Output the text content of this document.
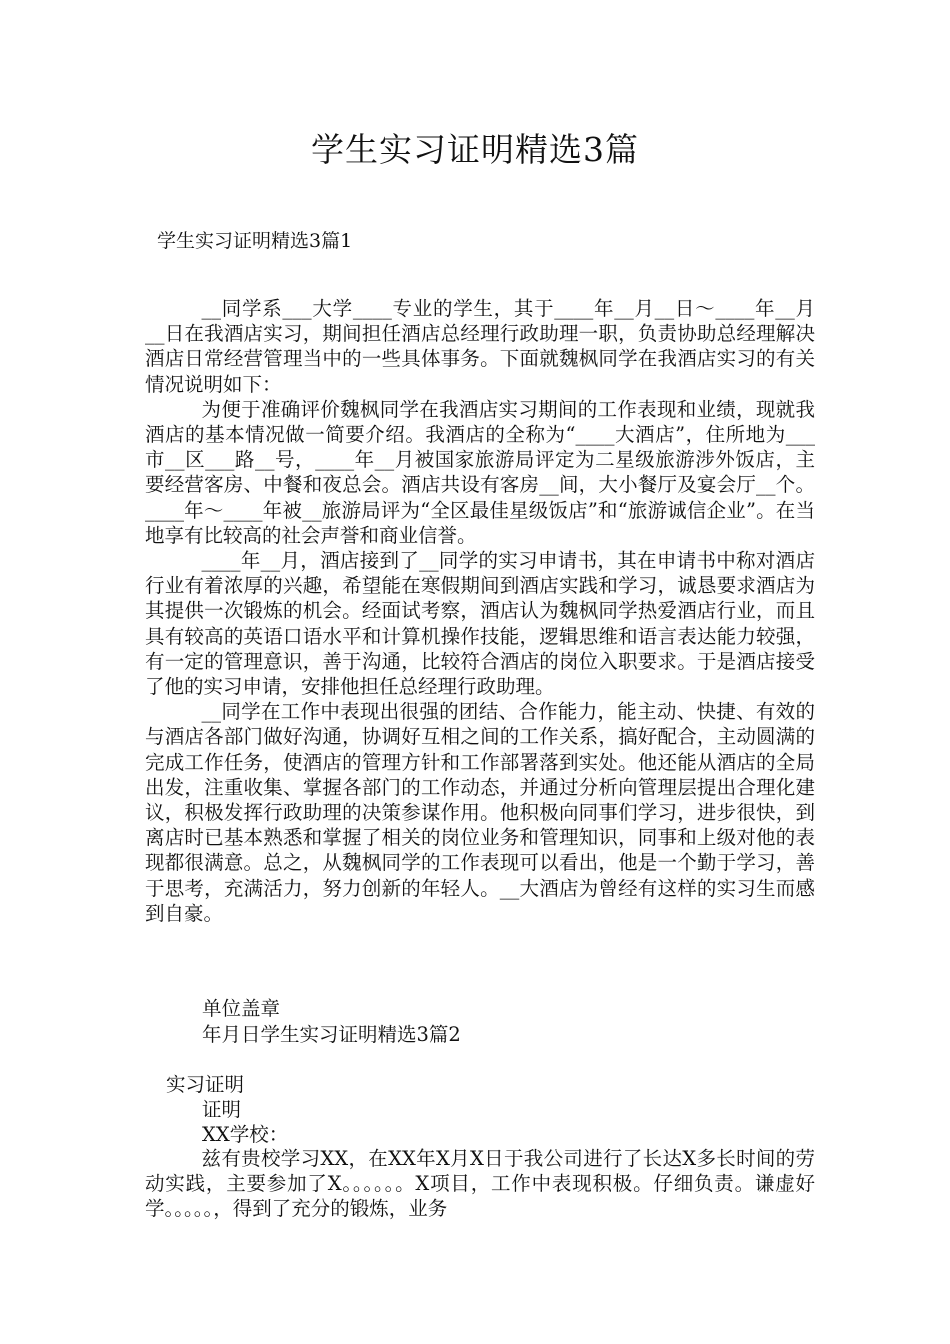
学生实习证明精选3篇
学生实习证明精选3篇1

__同学系___大学____专业的学生，其于____年__月__日～____年__月__日在我酒店实习，期间担任酒店总经理行政助理一职，负责协助总经理解决酒店日常经营管理当中的一些具体事务。下面就魏枫同学在我酒店实习的有关情况说明如下：

为便于准确评价魏枫同学在我酒店实习期间的工作表现和业绩，现就我酒店的基本情况做一简要介绍。我酒店的全称为“____大酒店”，住所地为___市__区___路__号，____年__月被国家旅游局评定为二星级旅游涉外饭店，主要经营客房、中餐和夜总会。酒店共设有客房__间，大小餐厅及宴会厅__个。____年～____年被__旅游局评为“全区最佳星级饭店”和“旅游诚信企业”。在当地享有比较高的社会声誉和商业信誉。

____年__月，酒店接到了__同学的实习申请书，其在申请书中称对酒店行业有着浓厚的兴趣，希望能在寒假期间到酒店实践和学习，诚恳要求酒店为其提供一次锻炼的机会。经面试考察，酒店认为魏枫同学热爱酒店行业，而且具有较高的英语口语水平和计算机操作技能，逻辑思维和语言表达能力较强，有一定的管理意识，善于沟通，比较符合酒店的岗位入职要求。于是酒店接受了他的实习申请，安排他担任总经理行政助理。

__同学在工作中表现出很强的团结、合作能力，能主动、快捷、有效的与酒店各部门做好沟通，协调好互相之间的工作关系，搞好配合，主动圆满的完成工作任务，使酒店的管理方针和工作部署落到实处。他还能从酒店的全局出发，注重收集、掌握各部门的工作动态，并通过分析向管理层提出合理化建议，积极发挥行政助理的决策参谋作用。他积极向同事们学习，进步很快，到离店时已基本熟悉和掌握了相关的岗位业务和管理知识，同事和上级对他的表现都很满意。总之，从魏枫同学的工作表现可以看出，他是一个勤于学习，善于思考，充满活力，努力创新的年轻人。__大酒店为曾经有这样的实习生而感到自豪。

单位盖章
年月日学生实习证明精选3篇2
实习证明
证明
XX学校：

兹有贵校学习XX，在XX年X月X日于我公司进行了长达X多长时间的劳动实践，主要参加了X。。。。。。X项目，工作中表现积极。仔细负责。谦虚好学。。。。。，得到了充分的锻炼，业务
